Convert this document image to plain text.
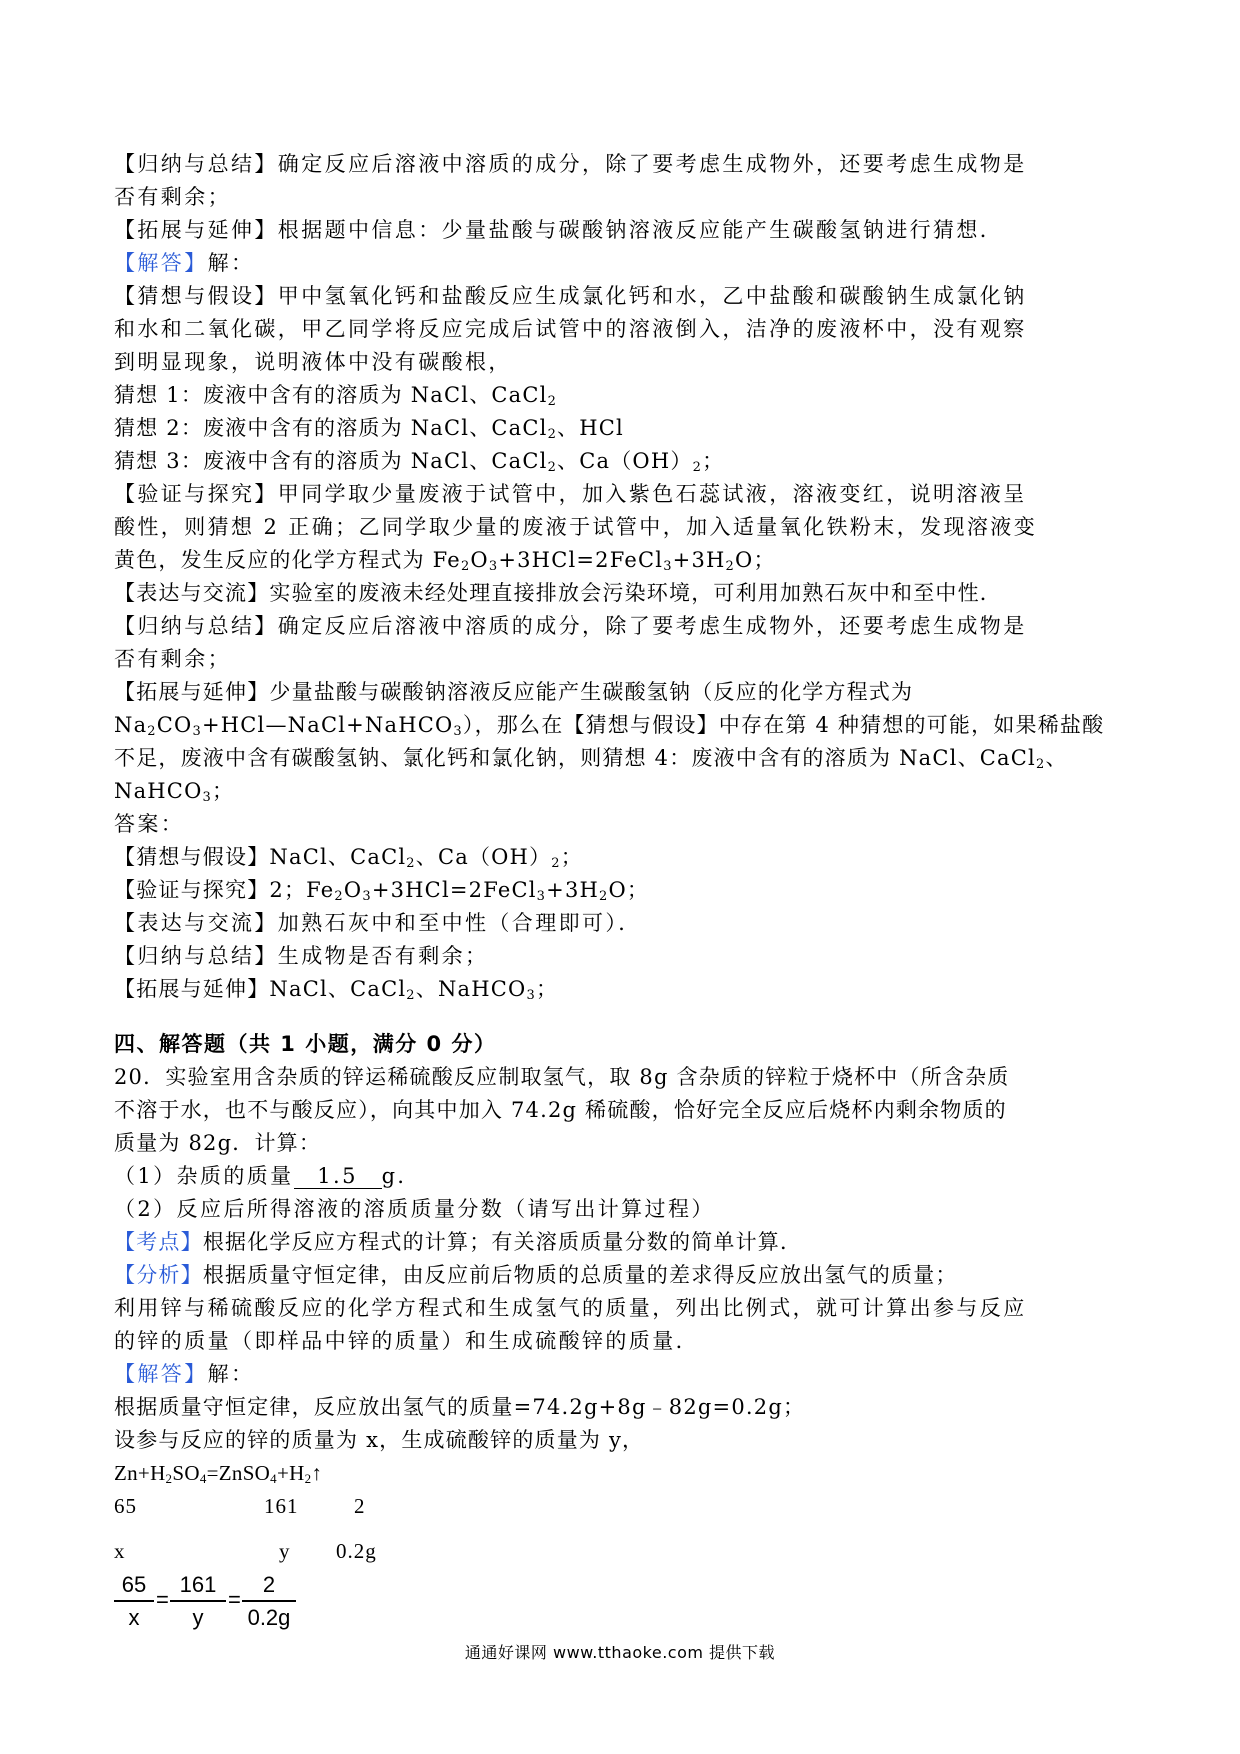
【归纳与总结】确定反应后溶液中溶质的成分，除了要考虑生成物外，还要考虑生成物是
否有剩余；
【拓展与延伸】根据题中信息：少量盐酸与碳酸钠溶液反应能产生碳酸氢钠进行猜想．
【解答】解：
【猜想与假设】甲中氢氧化钙和盐酸反应生成氯化钙和水，乙中盐酸和碳酸钠生成氯化钠
和水和二氧化碳，甲乙同学将反应完成后试管中的溶液倒入，洁净的废液杯中，没有观察
到明显现象，说明液体中没有碳酸根，
猜想 1：废液中含有的溶质为 NaCl、CaCl$_2$
猜想 2：废液中含有的溶质为 NaCl、CaCl$_2$、HCl
猜想 3：废液中含有的溶质为 NaCl、CaCl$_2$、$Ca(OH)_2$；
【验证与探究】甲同学取少量废液于试管中，加入紫色石蕊试液，溶液变红，说明溶液呈
酸性，则猜想 2 正确；乙同学取少量的废液于试管中，加入适量氧化铁粉末，发现溶液变
黄色，发生反应的化学方程式为 $Fe_2O_3+3HCl=2FeCl_3+3H_2O$；
【表达与交流】实验室的废液未经处理直接排放会污染环境，可利用加熟石灰中和至中性．
【归纳与总结】确定反应后溶液中溶质的成分，除了要考虑生成物外，还要考虑生成物是
否有剩余；
【拓展与延伸】少量盐酸与碳酸钠溶液反应能产生碳酸氢钠（反应的化学方程式为
$Na_2CO_3+HCl—NaCl+NaHCO_3$），那么在【猜想与假设】中存在第 4 种猜想的可能，如果稀盐酸
不足，废液中含有碳酸氢钠、氯化钙和氯化钠，则猜想 4：废液中含有的溶质为 NaCl、CaCl$_2$、
NaHCO$_3$；
答案：
【猜想与假设】NaCl、CaCl$_2$、$Ca(OH)_2$；
【验证与探究】2；$Fe_2O_3+3HCl=2FeCl_3+3H_2O$；
【表达与交流】加熟石灰中和至中性（合理即可）．
【归纳与总结】生成物是否有剩余；
【拓展与延伸】NaCl、CaCl$_2$、NaHCO$_3$；
四、解答题（共 1 小题，满分 0 分）
20．实验室用含杂质的锌运稀硫酸反应制取氢气，取 8g 含杂质的锌粒于烧杯中（所含杂质
不溶于水，也不与酸反应），向其中加入 74.2g 稀硫酸，恰好完全反应后烧杯内剩余物质的
质量为 82g．计算：
（1）杂质的质量 1.5 g．
（2）反应后所得溶液的溶质质量分数（请写出计算过程）
【考点】根据化学反应方程式的计算；有关溶质质量分数的简单计算．
【分析】根据质量守恒定律，由反应前后物质的总质量的差求得反应放出氢气的质量；
利用锌与稀硫酸反应的化学方程式和生成氢气的质量，列出比例式，就可计算出参与反应
的锌的质量（即样品中锌的质量）和生成硫酸锌的质量．
【解答】解：
根据质量守恒定律，反应放出氢气的质量=74.2g+8g﹣82g=0.2g；
设参与反应的锌的质量为 x，生成硫酸锌的质量为 y，
$Zn+H_2SO_4=ZnSO_4+H_2↑$
65	161	2
x	y 0.2g
65
x
=
161
y
=
2
0.2g
通通好课网 www.tthaoke.com 提供下载
